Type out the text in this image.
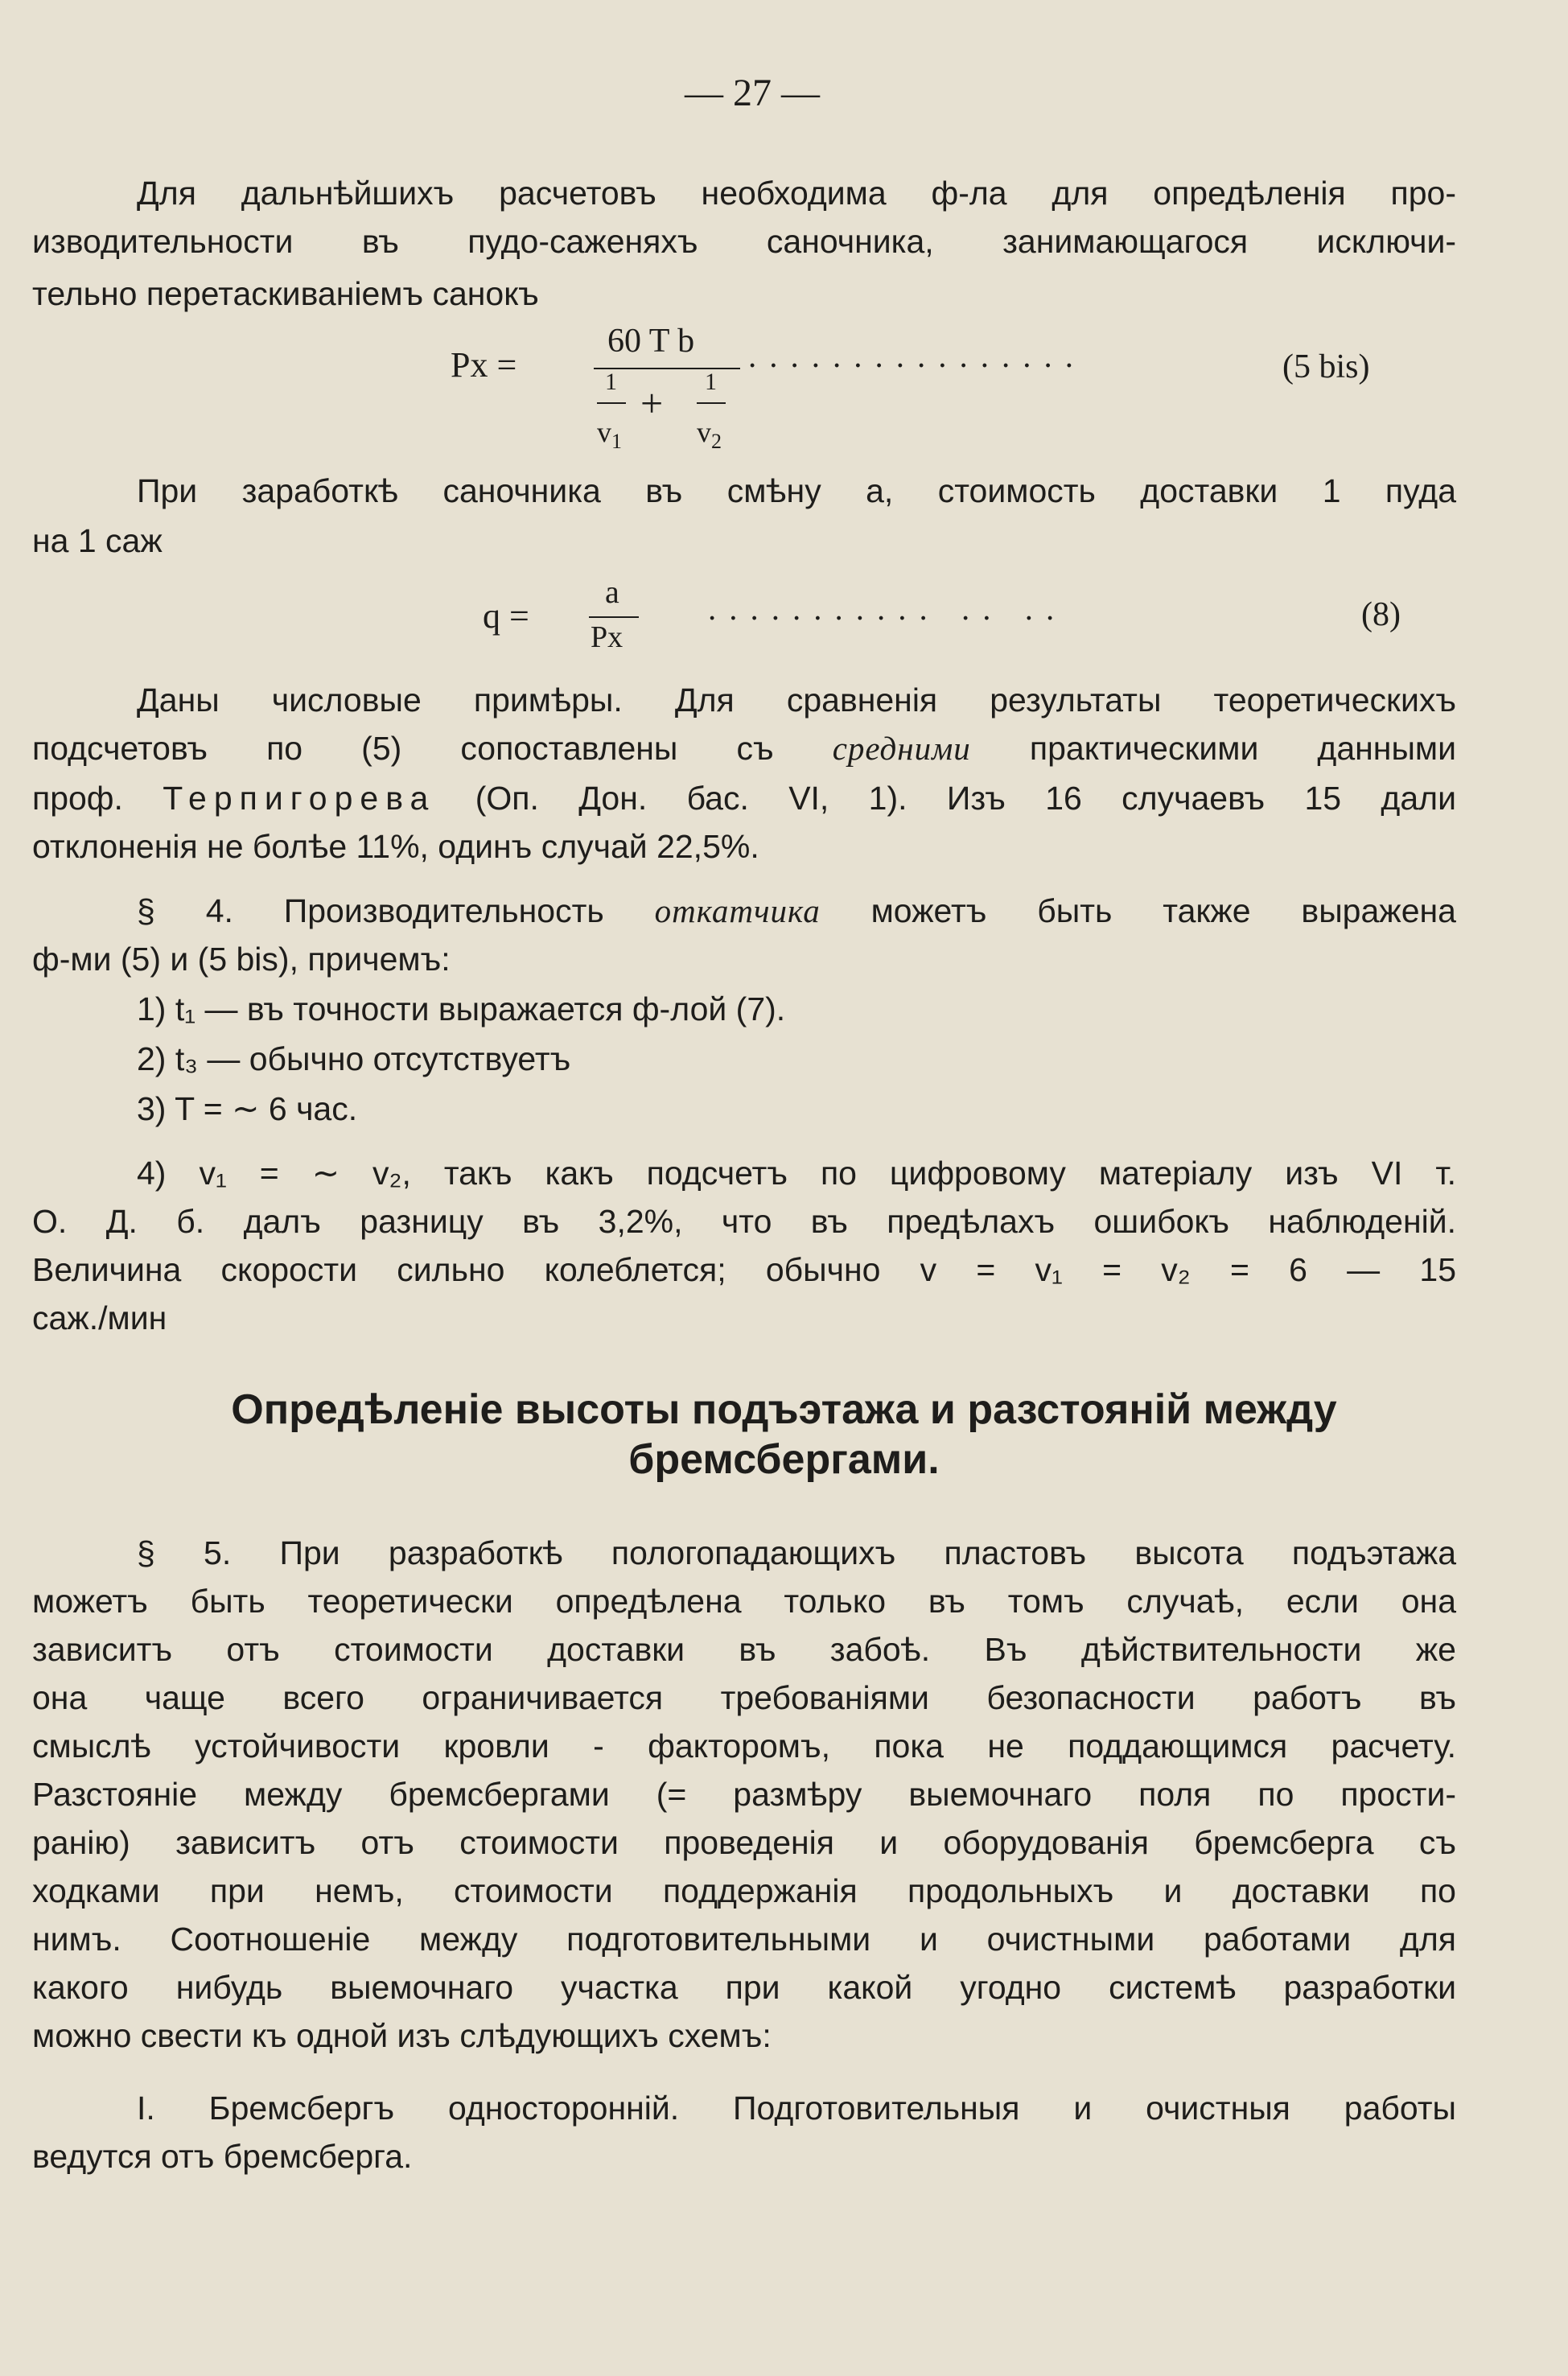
— 27 —
Для дальнѣйшихъ расчетовъ необходима ф-ла для опредѣленія про-
изводительности въ пудо-саженяхъ саночника, занимающагося исключи-
тельно перетаскиваніемъ санокъ
Px =
60 T b
1
$v_1$
+ 1
$v_2$
................	(5 bis)
При заработкѣ саночника въ смѣну a, стоимость доставки 1 пуда
на 1 саж
q =
a
Px
........... .. ..	(8)
Даны числовые примѣры. Для сравненія результаты теоретическихъ
подсчетовъ по (5) сопоставлены съ средними практическими данными
проф. Терпигорева (Оп. Дон. бас. VI, 1). Изъ 16 случаевъ 15 дали
отклоненія не болѣе 11%, одинъ случай 22,5%.
§ 4. Производительность откатчика можетъ быть также выражена
ф-ми (5) и (5 bis), причемъ:
1) t₁ — въ точности выражается ф-лой (7).
2) t₃ — обычно отсутствуетъ
3) T = ∼ 6 час.
4) v₁ = ∼ v₂, такъ какъ подсчетъ по цифровому матеріалу изъ VI т.
О. Д. б. далъ разницу въ 3,2%, что въ предѣлахъ ошибокъ наблюденій.
Величина скорости сильно колеблется; обычно v = v₁ = v₂ = 6 — 15
саж./мин
Опредѣленіе высоты подъэтажа и разстояній между
бремсбергами.
§ 5. При разработкѣ пологопадающихъ пластовъ высота подъэтажа
можетъ быть теоретически опредѣлена только въ томъ случаѣ, если она
зависитъ отъ стоимости доставки въ забоѣ. Въ дѣйствительности же
она чаще всего ограничивается требованіями безопасности работъ въ
смыслѣ устойчивости кровли - факторомъ, пока не поддающимся расчету.
Разстояніе между бремсбергами (= размѣру выемочнаго поля по прости-
ранію) зависитъ отъ стоимости проведенія и оборудованія бремсберга съ
ходками при немъ, стоимости поддержанія продольныхъ и доставки по
нимъ. Соотношеніе между подготовительными и очистными работами для
какого нибудь выемочнаго участка при какой угодно системѣ разработки
можно свести къ одной изъ слѣдующихъ схемъ:
I. Бремсбергъ односторонній. Подготовительныя и очистныя работы
ведутся отъ бремсберга.
